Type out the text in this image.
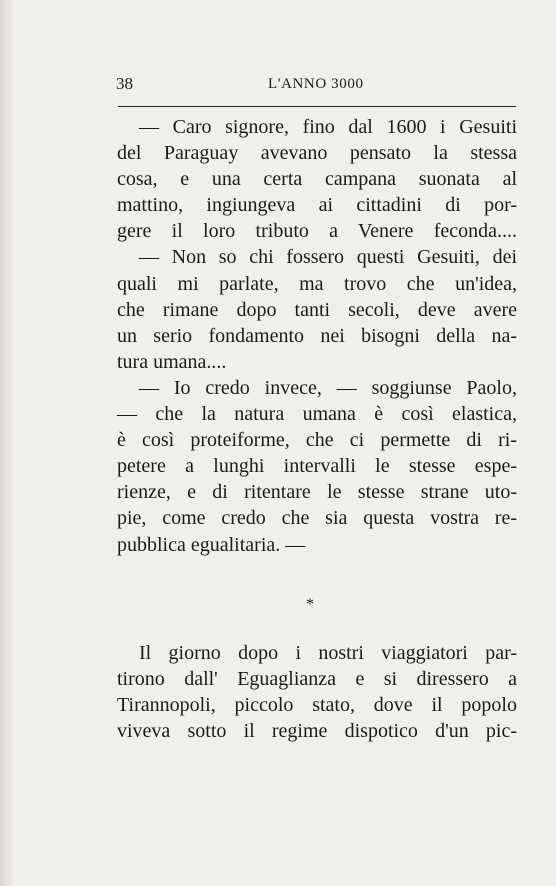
38	L'ANNO 3000
— Caro signore, fino dal 1600 i Gesuiti
del Paraguay avevano pensato la stessa
cosa, e una certa campana suonata al
mattino, ingiungeva ai cittadini di por-
gere il loro tributo a Venere feconda....
— Non so chi fossero questi Gesuiti, dei
quali mi parlate, ma trovo che un'idea,
che rimane dopo tanti secoli, deve avere
un serio fondamento nei bisogni della na-
tura umana....
— Io credo invece, — soggiunse Paolo,
— che la natura umana è così elastica,
è così proteiforme, che ci permette di ri-
petere a lunghi intervalli le stesse espe-
rienze, e di ritentare le stesse strane uto-
pie, come credo che sia questa vostra re-
pubblica egualitaria. —
*
Il giorno dopo i nostri viaggiatori par-
tirono dall' Eguaglianza e si diressero a
Tirannopoli, piccolo stato, dove il popolo
viveva sotto il regime dispotico d'un pic-
